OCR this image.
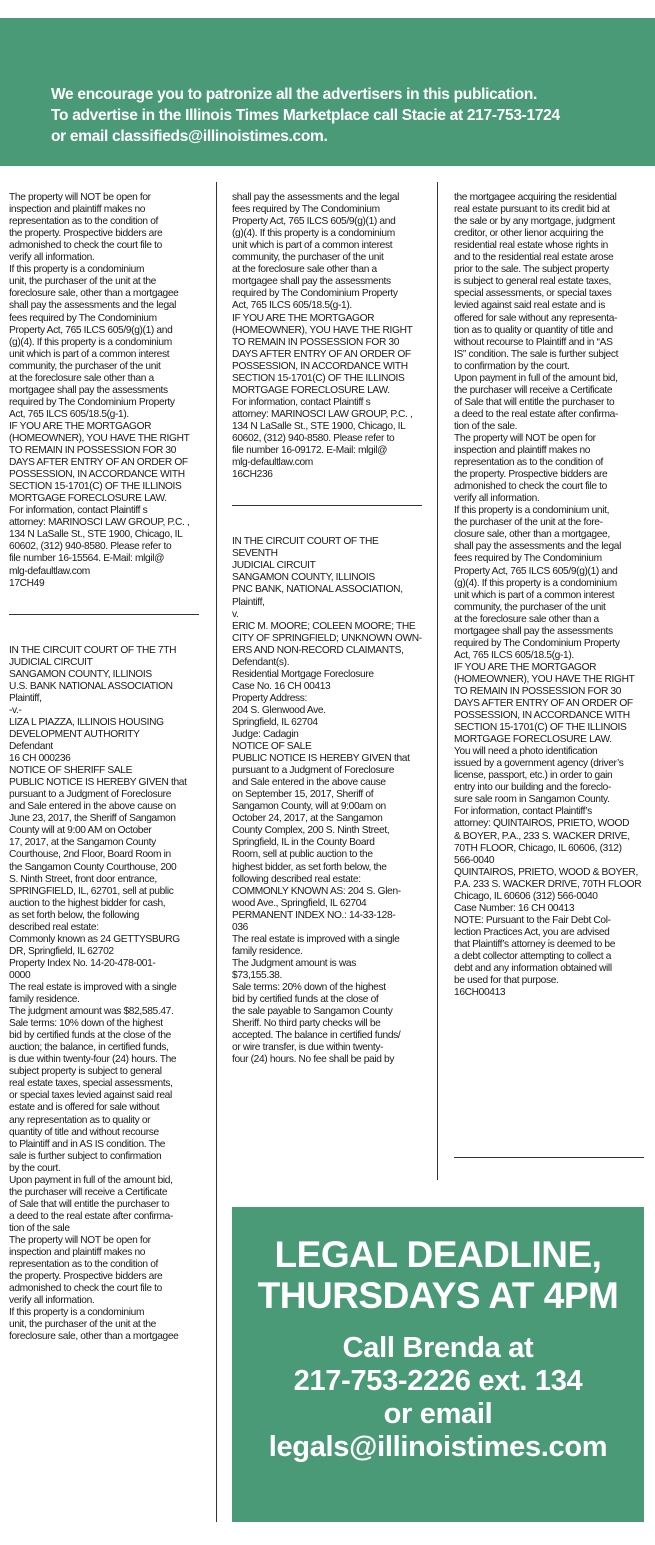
We encourage you to patronize all the advertisers in this publication.
To advertise in the Illinois Times Marketplace call Stacie at 217-753-1724
or email classifieds@illinoistimes.com.

The property will NOT be open for
inspection and plaintiff makes no
representation as to the condition of
the property. Prospective bidders are
admonished to check the court file to
verify all information.
If this property is a condominium
unit, the purchaser of the unit at the
foreclosure sale, other than a mortgagee
shall pay the assessments and the legal
fees required by The Condominium
Property Act, 765 ILCS 605/9(g)(1) and
(g)(4). If this property is a condominium
unit which is part of a common interest
community, the purchaser of the unit
at the foreclosure sale other than a
mortgagee shall pay the assessments
required by The Condominium Property
Act, 765 ILCS 605/18.5(g-1).
IF YOU ARE THE MORTGAGOR
(HOMEOWNER), YOU HAVE THE RIGHT
TO REMAIN IN POSSESSION FOR 30
DAYS AFTER ENTRY OF AN ORDER OF
POSSESSION, IN ACCORDANCE WITH
SECTION 15-1701(C) OF THE ILLINOIS
MORTGAGE FORECLOSURE LAW.
For information, contact Plaintiff s
attorney: MARINOSCI LAW GROUP, P.C. ,
134 N LaSalle St., STE 1900, Chicago, IL
60602, (312) 940-8580. Please refer to
file number 16-15564. E-Mail: mlgil@
mlg-defaultlaw.com
17CH49

IN THE CIRCUIT COURT OF THE 7TH
JUDICIAL CIRCUIT
SANGAMON COUNTY, ILLINOIS
U.S. BANK NATIONAL ASSOCIATION
Plaintiff,
-v.-
LIZA L PIAZZA, ILLINOIS HOUSING
DEVELOPMENT AUTHORITY
Defendant
16 CH 000236
NOTICE OF SHERIFF SALE
PUBLIC NOTICE IS HEREBY GIVEN that
pursuant to a Judgment of Foreclosure
and Sale entered in the above cause on
June 23, 2017, the Sheriff of Sangamon
County will at 9:00 AM on October
17, 2017, at the Sangamon County
Courthouse, 2nd Floor, Board Room in
the Sangamon County Courthouse, 200
S. Ninth Street, front door entrance,
SPRINGFIELD, IL, 62701, sell at public
auction to the highest bidder for cash,
as set forth below, the following
described real estate:
Commonly known as 24 GETTYSBURG
DR, Springfield, IL 62702
Property Index No. 14-20-478-001-
0000
The real estate is improved with a single
family residence.
The judgment amount was $82,585.47.
Sale terms: 10% down of the highest
bid by certified funds at the close of the
auction; the balance, in certified funds,
is due within twenty-four (24) hours. The
subject property is subject to general
real estate taxes, special assessments,
or special taxes levied against said real
estate and is offered for sale without
any representation as to quality or
quantity of title and without recourse
to Plaintiff and in AS IS condition. The
sale is further subject to confirmation
by the court.
Upon payment in full of the amount bid,
the purchaser will receive a Certificate
of Sale that will entitle the purchaser to
a deed to the real estate after confirma-
tion of the sale
The property will NOT be open for
inspection and plaintiff makes no
representation as to the condition of
the property. Prospective bidders are
admonished to check the court file to
verify all information.
If this property is a condominium
unit, the purchaser of the unit at the
foreclosure sale, other than a mortgagee

shall pay the assessments and the legal
fees required by The Condominium
Property Act, 765 ILCS 605/9(g)(1) and
(g)(4). If this property is a condominium
unit which is part of a common interest
community, the purchaser of the unit
at the foreclosure sale other than a
mortgagee shall pay the assessments
required by The Condominium Property
Act, 765 ILCS 605/18.5(g-1).
IF YOU ARE THE MORTGAGOR
(HOMEOWNER), YOU HAVE THE RIGHT
TO REMAIN IN POSSESSION FOR 30
DAYS AFTER ENTRY OF AN ORDER OF
POSSESSION, IN ACCORDANCE WITH
SECTION 15-1701(C) OF THE ILLINOIS
MORTGAGE FORECLOSURE LAW.
For information, contact Plaintiff s
attorney: MARINOSCI LAW GROUP, P.C. ,
134 N LaSalle St., STE 1900, Chicago, IL
60602, (312) 940-8580. Please refer to
file number 16-09172. E-Mail: mlgil@
mlg-defaultlaw.com
16CH236

IN THE CIRCUIT COURT OF THE SEVENTH
JUDICIAL CIRCUIT
SANGAMON COUNTY, ILLINOIS
PNC BANK, NATIONAL ASSOCIATION,
Plaintiff,
v.
ERIC M. MOORE; COLEEN MOORE; THE
CITY OF SPRINGFIELD; UNKNOWN OWN-
ERS AND NON-RECORD CLAIMANTS,
Defendant(s).
Residential Mortgage Foreclosure
Case No. 16 CH 00413
Property Address:
204 S. Glenwood Ave.
Springfield, IL 62704
Judge: Cadagin
NOTICE OF SALE
PUBLIC NOTICE IS HEREBY GIVEN that
pursuant to a Judgment of Foreclosure
and Sale entered in the above cause
on September 15, 2017, Sheriff of
Sangamon County, will at 9:00am on
October 24, 2017, at the Sangamon
County Complex, 200 S. Ninth Street,
Springfield, IL in the County Board
Room, sell at public auction to the
highest bidder, as set forth below, the
following described real estate:
COMMONLY KNOWN AS: 204 S. Glen-
wood Ave., Springfield, IL 62704
PERMANENT INDEX NO.: 14-33-128-
036
The real estate is improved with a single
family residence.
The Judgment amount is was
$73,155.38.
Sale terms: 20% down of the highest
bid by certified funds at the close of
the sale payable to Sangamon County
Sheriff. No third party checks will be
accepted. The balance in certified funds/
or wire transfer, is due within twenty-
four (24) hours. No fee shall be paid by

the mortgagee acquiring the residential
real estate pursuant to its credit bid at
the sale or by any mortgage, judgment
creditor, or other lienor acquiring the
residential real estate whose rights in
and to the residential real estate arose
prior to the sale. The subject property
is subject to general real estate taxes,
special assessments, or special taxes
levied against said real estate and is
offered for sale without any representa-
tion as to quality or quantity of title and
without recourse to Plaintiff and in “AS
IS” condition. The sale is further subject
to confirmation by the court.
Upon payment in full of the amount bid,
the purchaser will receive a Certificate
of Sale that will entitle the purchaser to
a deed to the real estate after confirma-
tion of the sale.
The property will NOT be open for
inspection and plaintiff makes no
representation as to the condition of
the property. Prospective bidders are
admonished to check the court file to
verify all information.
If this property is a condominium unit,
the purchaser of the unit at the fore-
closure sale, other than a mortgagee,
shall pay the assessments and the legal
fees required by The Condominium
Property Act, 765 ILCS 605/9(g)(1) and
(g)(4). If this property is a condominium
unit which is part of a common interest
community, the purchaser of the unit
at the foreclosure sale other than a
mortgagee shall pay the assessments
required by The Condominium Property
Act, 765 ILCS 605/18.5(g-1).
IF YOU ARE THE MORTGAGOR
(HOMEOWNER), YOU HAVE THE RIGHT
TO REMAIN IN POSSESSION FOR 30
DAYS AFTER ENTRY OF AN ORDER OF
POSSESSION, IN ACCORDANCE WITH
SECTION 15-1701(C) OF THE ILLINOIS
MORTGAGE FORECLOSURE LAW.
You will need a photo identification
issued by a government agency (driver’s
license, passport, etc.) in order to gain
entry into our building and the foreclo-
sure sale room in Sangamon County.
For information, contact Plaintiff’s
attorney: QUINTAIROS, PRIETO, WOOD
& BOYER, P.A., 233 S. WACKER DRIVE,
70TH FLOOR, Chicago, IL 60606, (312)
566-0040
QUINTAIROS, PRIETO, WOOD & BOYER,
P.A. 233 S. WACKER DRIVE, 70TH FLOOR
Chicago, IL 60606 (312) 566-0040
Case Number: 16 CH 00413
NOTE: Pursuant to the Fair Debt Col-
lection Practices Act, you are advised
that Plaintiff’s attorney is deemed to be
a debt collector attempting to collect a
debt and any information obtained will
be used for that purpose.
16CH00413

LEGAL DEADLINE,
THURSDAYS AT 4PM
Call Brenda at
217-753-2226 ext. 134
or email
legals@illinoistimes.com
